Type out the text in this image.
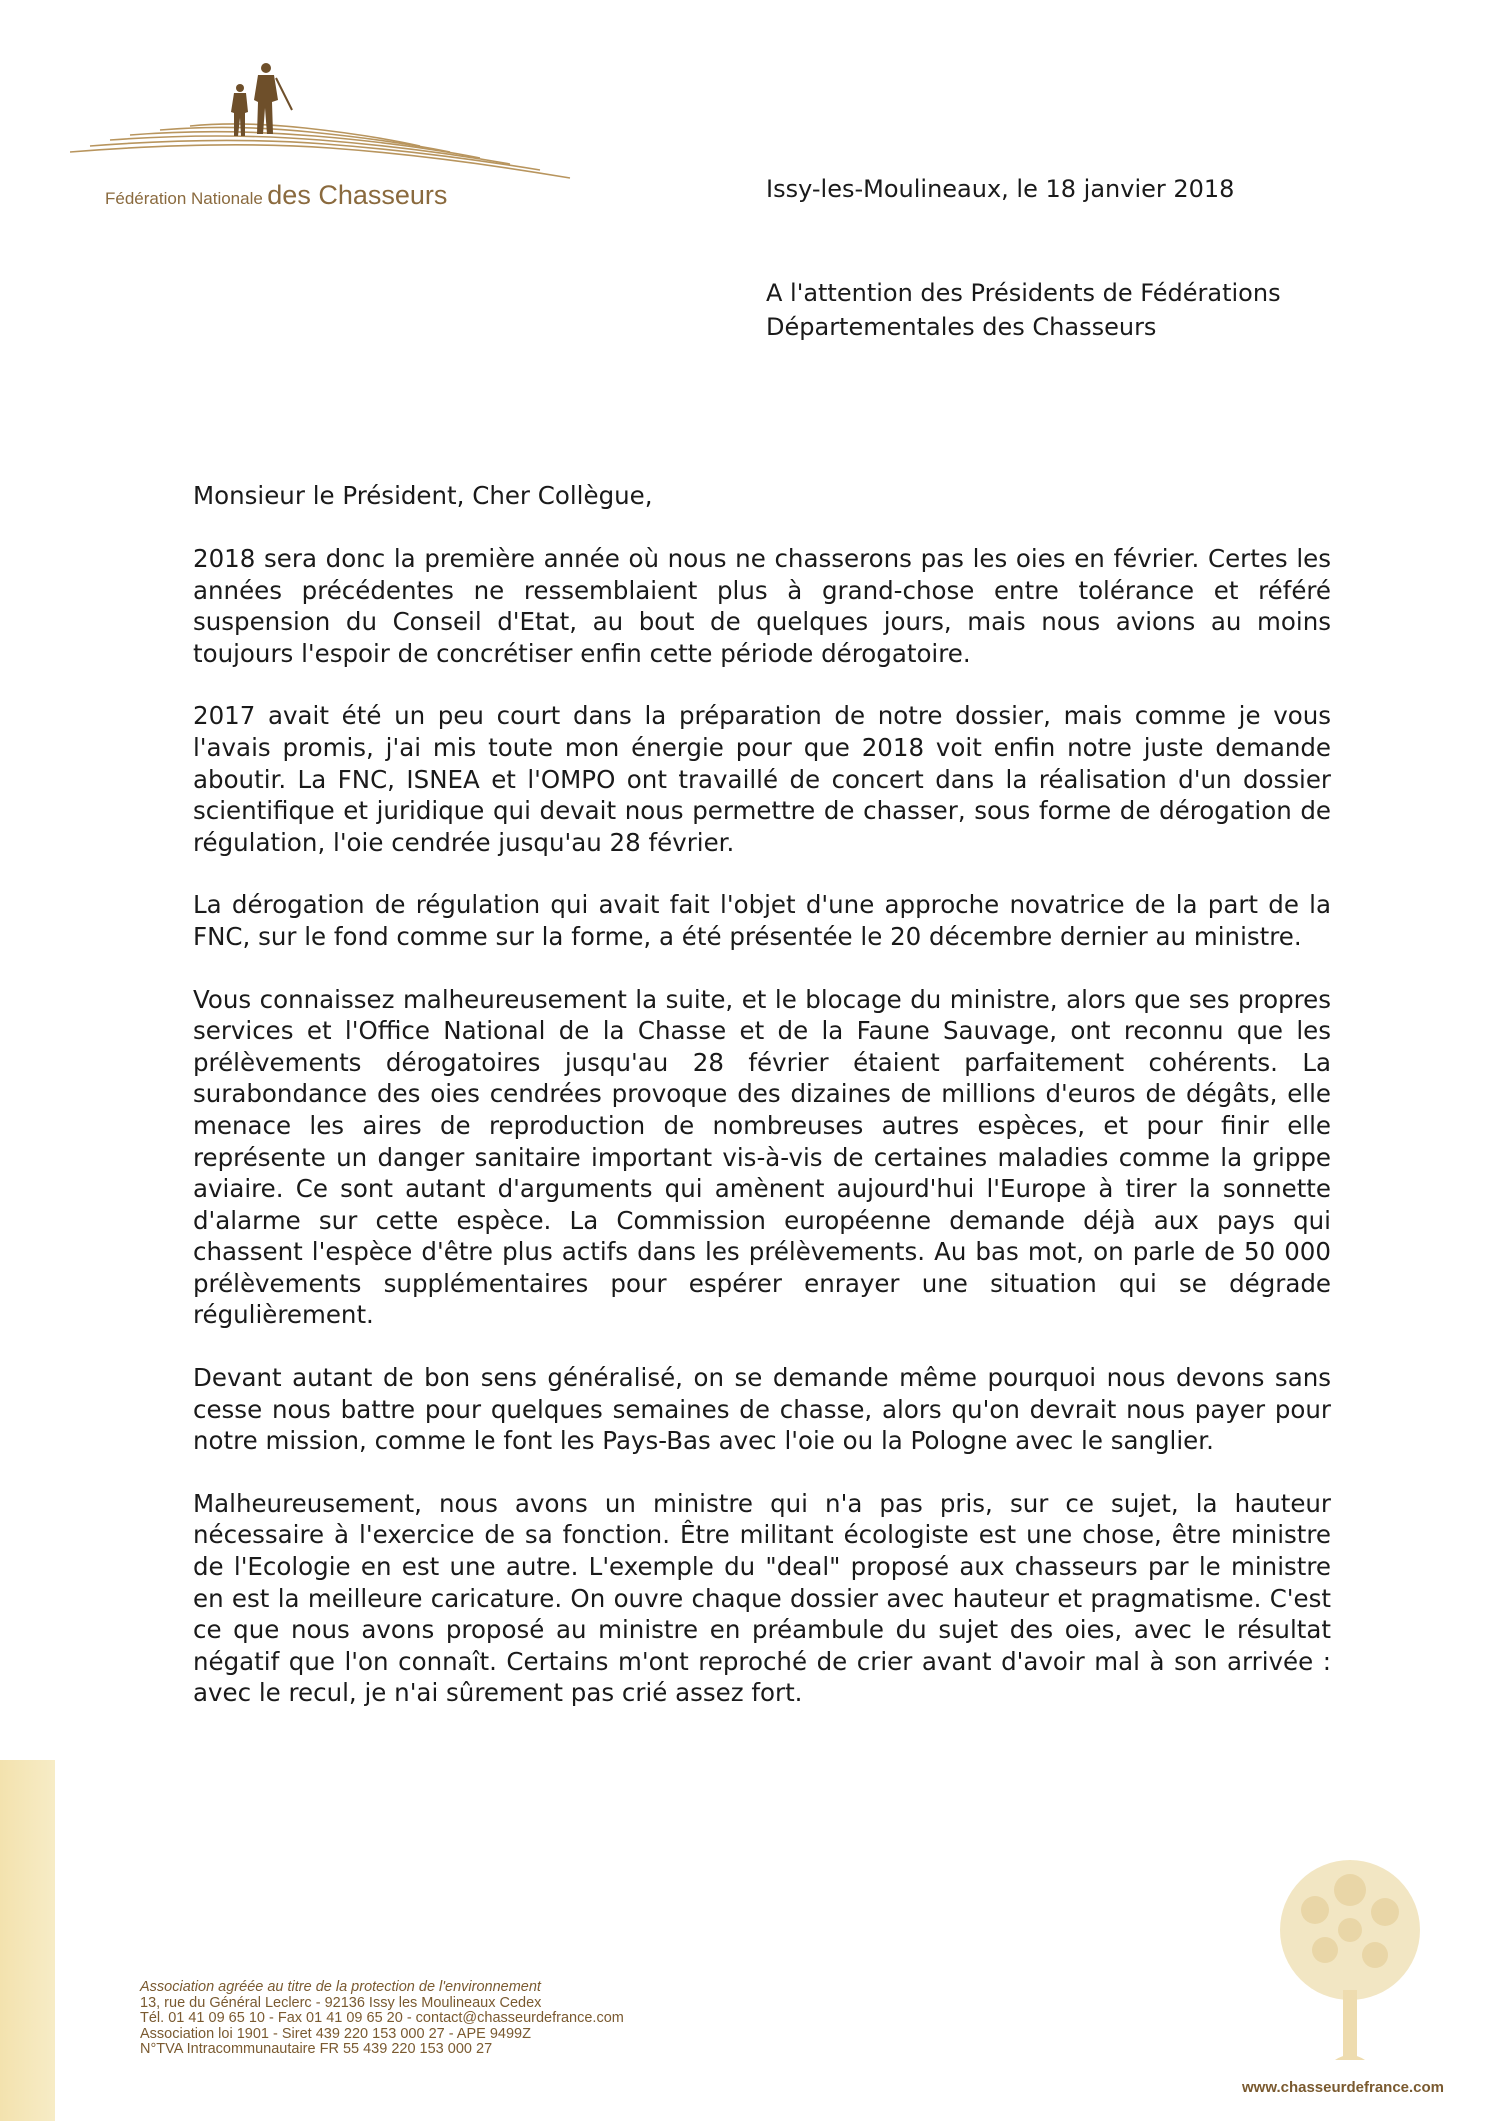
Fédération Nationale des Chasseurs	Issy-les-Moulineaux, le 18 janvier 2018
A l'attention des Présidents de Fédérations
Départementales des Chasseurs
Monsieur le Président, Cher Collègue,

2018 sera donc la première année où nous ne chasserons pas les oies en février. Certes les années précédentes ne ressemblaient plus à grand-chose entre tolérance et référé suspension du Conseil d'Etat, au bout de quelques jours, mais nous avions au moins toujours l'espoir de concrétiser enfin cette période dérogatoire.

2017 avait été un peu court dans la préparation de notre dossier, mais comme je vous l'avais promis, j'ai mis toute mon énergie pour que 2018 voit enfin notre juste demande aboutir. La FNC, ISNEA et l'OMPO ont travaillé de concert dans la réalisation d'un dossier scientifique et juridique qui devait nous permettre de chasser, sous forme de dérogation de régulation, l'oie cendrée jusqu'au 28 février.

La dérogation de régulation qui avait fait l'objet d'une approche novatrice de la part de la FNC, sur le fond comme sur la forme, a été présentée le 20 décembre dernier au ministre.

Vous connaissez malheureusement la suite, et le blocage du ministre, alors que ses propres services et l'Office National de la Chasse et de la Faune Sauvage, ont reconnu que les prélèvements dérogatoires jusqu'au 28 février étaient parfaitement cohérents. La surabondance des oies cendrées provoque des dizaines de millions d'euros de dégâts, elle menace les aires de reproduction de nombreuses autres espèces, et pour finir elle représente un danger sanitaire important vis-à-vis de certaines maladies comme la grippe aviaire. Ce sont autant d'arguments qui amènent aujourd'hui l'Europe à tirer la sonnette d'alarme sur cette espèce. La Commission européenne demande déjà aux pays qui chassent l'espèce d'être plus actifs dans les prélèvements. Au bas mot, on parle de 50 000 prélèvements supplémentaires pour espérer enrayer une situation qui se dégrade régulièrement.

Devant autant de bon sens généralisé, on se demande même pourquoi nous devons sans cesse nous battre pour quelques semaines de chasse, alors qu'on devrait nous payer pour notre mission, comme le font les Pays-Bas avec l'oie ou la Pologne avec le sanglier.

Malheureusement, nous avons un ministre qui n'a pas pris, sur ce sujet, la hauteur nécessaire à l'exercice de sa fonction. Être militant écologiste est une chose, être ministre de l'Ecologie en est une autre. L'exemple du "deal" proposé aux chasseurs par le ministre en est la meilleure caricature. On ouvre chaque dossier avec hauteur et pragmatisme. C'est ce que nous avons proposé au ministre en préambule du sujet des oies, avec le résultat négatif que l'on connaît. Certains m'ont reproché de crier avant d'avoir mal à son arrivée : avec le recul, je n'ai sûrement pas crié assez fort.

Association agréée au titre de la protection de l'environnement
13, rue du Général Leclerc - 92136 Issy les Moulineaux Cedex
Tél. 01 41 09 65 10 - Fax 01 41 09 65 20 - contact@chasseurdefrance.com
Association loi 1901 - Siret 439 220 153 000 27 - APE 9499Z
N°TVA Intracommunautaire FR 55 439 220 153 000 27
www.chasseurdefrance.com
